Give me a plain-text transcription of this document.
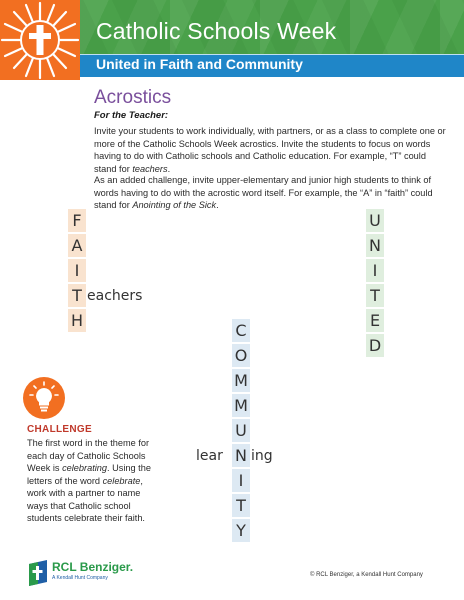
Catholic Schools Week
United in Faith and Community
Acrostics

For the Teacher:

Invite your students to work individually, with partners, or as a class to complete one or more of the Catholic Schools Week acrostics. Invite the students to focus on words having to do with Catholic schools and Catholic education. For example, “T” could stand for teachers.

As an added challenge, invite upper-elementary and junior high students to think of words having to do with the acrostic word itself. For example, the “A” in “faith” could stand for Anointing of the Sick.

F
A
I
T
H
eachers
U
N
I
T
E
D
C
O
M
M
U
N
I
T
Y
lear ing
CHALLENGE

The first word in the theme for each day of Catholic Schools Week is celebrating. Using the letters of the word celebrate, work with a partner to name ways that Catholic school students celebrate their faith.

RCL Benziger.

A Kendall Hunt Company	© RCL Benziger, a Kendall Hunt Company
